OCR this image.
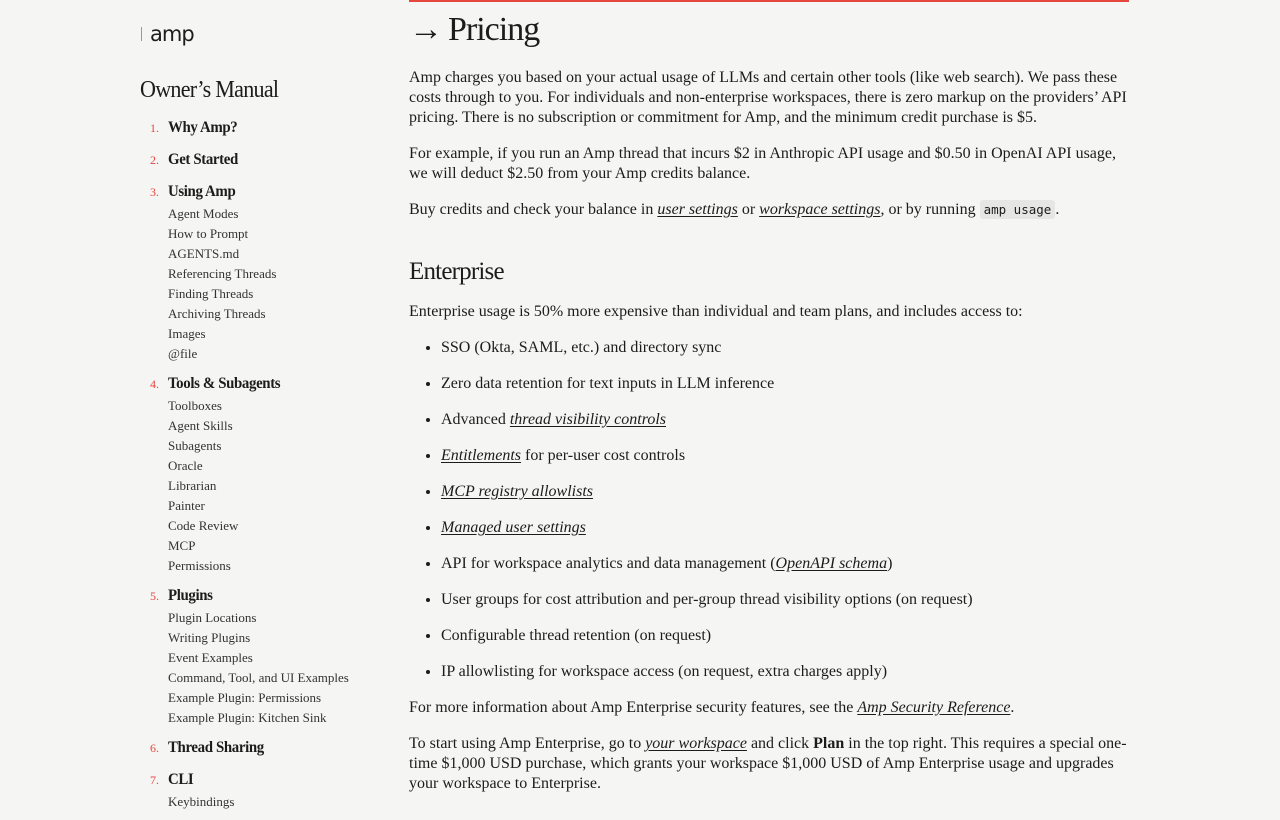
amp
Owner’s Manual
1. Why Amp?
2. Get Started
3. Using Amp
Agent Modes
How to Prompt
AGENTS.md
Referencing Threads
Finding Threads
Archiving Threads
Images
@file
4. Tools & Subagents
Toolboxes
Agent Skills
Subagents
Oracle
Librarian
Painter
Code Review
MCP
Permissions
5. Plugins
Plugin Locations
Writing Plugins
Event Examples
Command, Tool, and UI Examples
Example Plugin: Permissions
Example Plugin: Kitchen Sink
6. Thread Sharing
7. CLI
Keybindings
→ Pricing

Amp charges you based on your actual usage of LLMs and certain other tools (like web search). We pass these costs through to you. For individuals and non-enterprise workspaces, there is zero markup on the providers’ API pricing. There is no subscription or commitment for Amp, and the minimum credit purchase is $5.

For example, if you run an Amp thread that incurs $2 in Anthropic API usage and $0.50 in OpenAI API usage, we will deduct $2.50 from your Amp credits balance.

Buy credits and check your balance in user settings or workspace settings, or by running amp usage .

Enterprise

Enterprise usage is 50% more expensive than individual and team plans, and includes access to:

• SSO (Okta, SAML, etc.) and directory sync
• Zero data retention for text inputs in LLM inference
• Advanced thread visibility controls
• Entitlements for per-user cost controls
• MCP registry allowlists
• Managed user settings
• API for workspace analytics and data management (OpenAPI schema)
• User groups for cost attribution and per-group thread visibility options (on request)
• Configurable thread retention (on request)
• IP allowlisting for workspace access (on request, extra charges apply)

For more information about Amp Enterprise security features, see the Amp Security Reference.

To start using Amp Enterprise, go to your workspace and click Plan in the top right. This requires a special one-time $1,000 USD purchase, which grants your workspace $1,000 USD of Amp Enterprise usage and upgrades your workspace to Enterprise.
